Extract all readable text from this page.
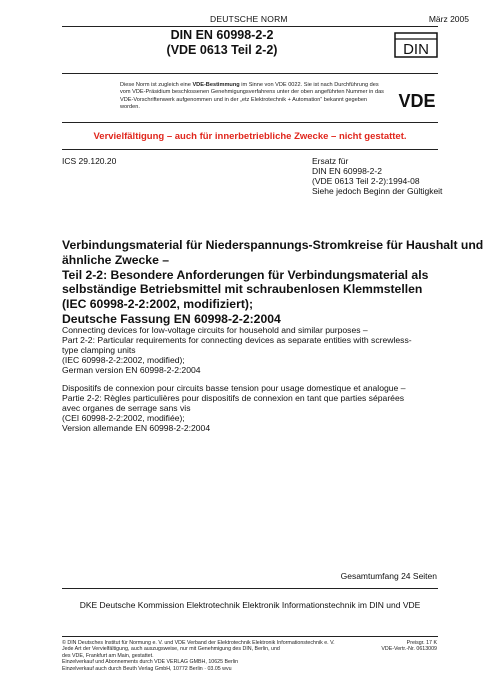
DEUTSCHE NORM	März 2005
DIN EN 60998-2-2
(VDE 0613 Teil 2-2)	DIN
Diese Norm ist zugleich eine VDE-Bestimmung im Sinne von VDE 0022. Sie ist nach Durchführung des vom VDE-Präsidium beschlossenen Genehmigungsverfahrens unter der oben angeführten Nummer in das VDE-Vorschriftenwerk aufgenommen und in der „etz Elektrotechnik + Automation“ bekannt gegeben worden.	VDE
Vervielfältigung – auch für innerbetriebliche Zwecke – nicht gestattet.
ICS 29.120.20	Ersatz für
DIN EN 60998-2-2
(VDE 0613 Teil 2-2):1994-08
Siehe jedoch Beginn der Gültigkeit
Verbindungsmaterial für Niederspannungs-Stromkreise für Haushalt und
ähnliche Zwecke –
Teil 2-2: Besondere Anforderungen für Verbindungsmaterial als
selbständige Betriebsmittel mit schraubenlosen Klemmstellen
(IEC 60998-2-2:2002, modifiziert);
Deutsche Fassung EN 60998-2-2:2004
Connecting devices for low-voltage circuits for household and similar purposes –
Part 2-2: Particular requirements for connecting devices as separate entities with screwless-
type clamping units
(IEC 60998-2-2:2002, modified);
German version EN 60998-2-2:2004
Dispositifs de connexion pour circuits basse tension pour usage domestique et analogue –
Partie 2-2: Règles particulières pour dispositifs de connexion en tant que parties séparées
avec organes de serrage sans vis
(CEI 60998-2-2:2002, modifiée);
Version allemande EN 60998-2-2:2004
Gesamtumfang 24 Seiten
DKE Deutsche Kommission Elektrotechnik Elektronik Informationstechnik im DIN und VDE
© DIN Deutsches Institut für Normung e. V. und VDE Verband der Elektrotechnik Elektronik Informationstechnik e. V.
Jede Art der Vervielfältigung, auch auszugsweise, nur mit Genehmigung des DIN, Berlin, und
des VDE, Frankfurt am Main, gestattet.
Einzelverkauf und Abonnements durch VDE VERLAG GMBH, 10625 Berlin
Einzelverkauf auch durch Beuth Verlag GmbH, 10772 Berlin · 03.05 wvu
Preisgr. 17 K
VDE-Vertr.-Nr. 0613009
